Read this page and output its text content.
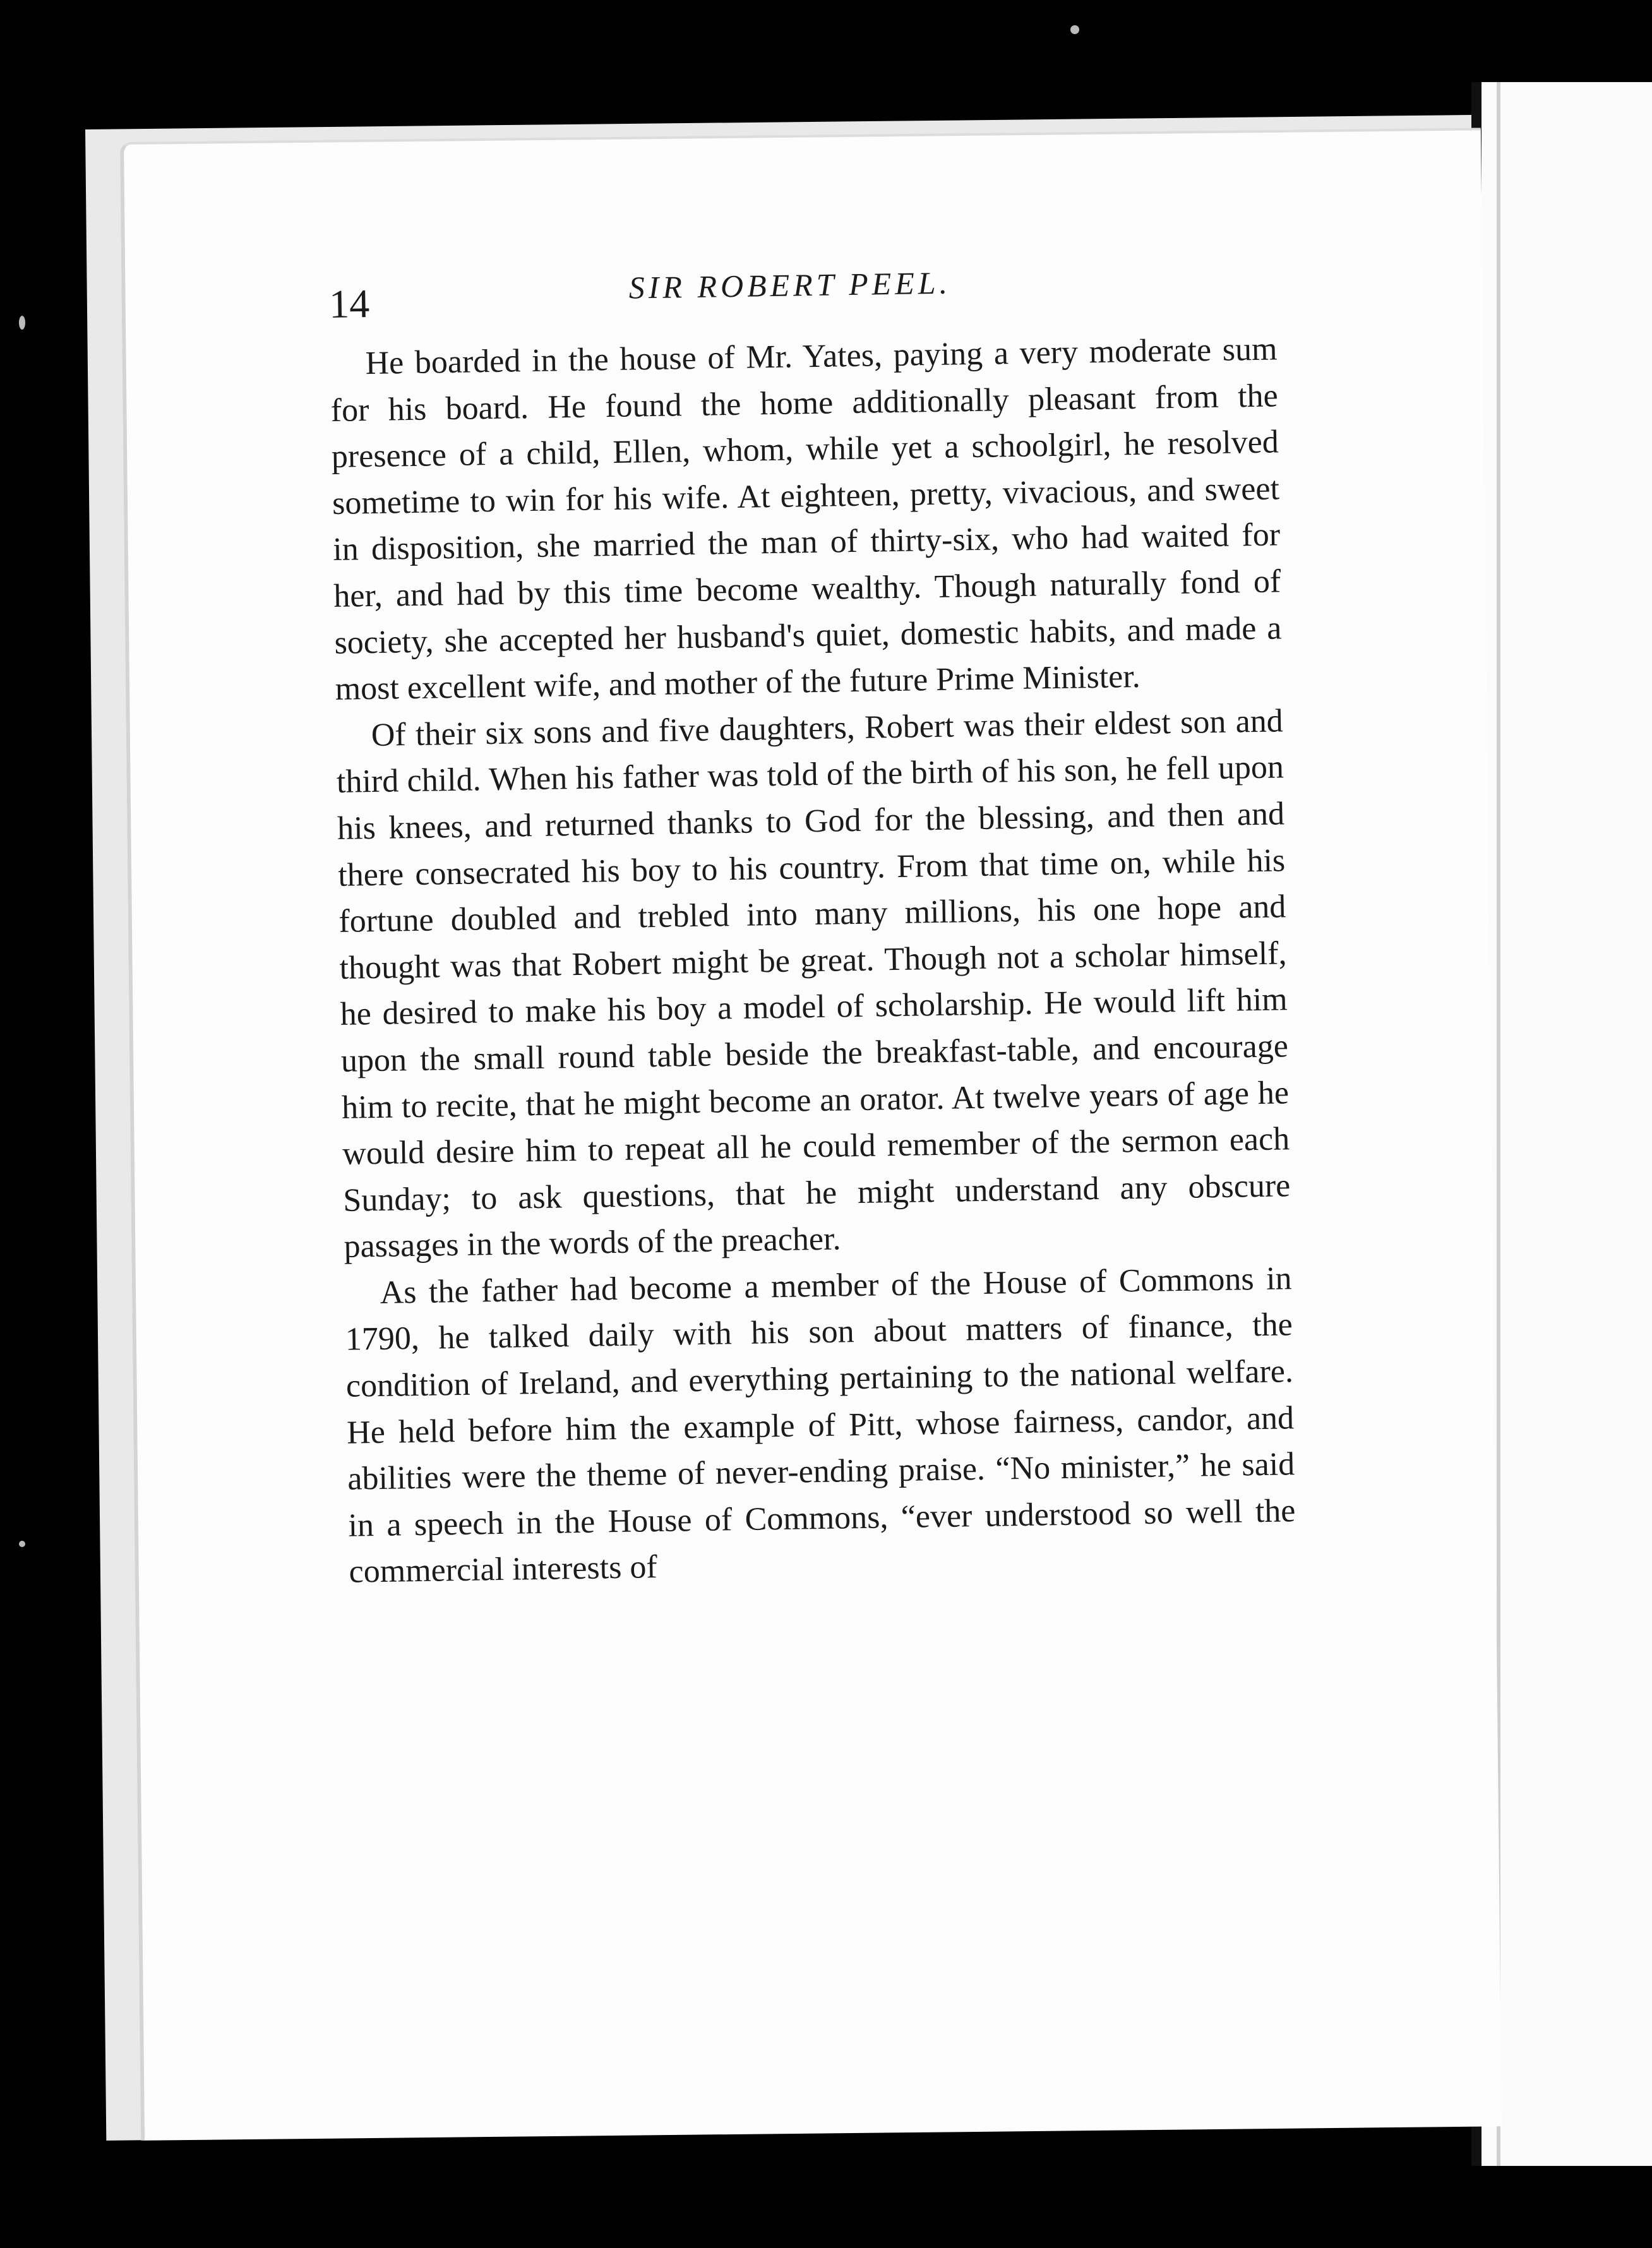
14	SIR ROBERT PEEL.

He boarded in the house of Mr. Yates, paying a very moderate sum for his board. He found the home additionally pleasant from the presence of a child, Ellen, whom, while yet a schoolgirl, he resolved sometime to win for his wife. At eighteen, pretty, vivacious, and sweet in disposition, she married the man of thirty-six, who had waited for her, and had by this time become wealthy. Though naturally fond of society, she accepted her husband's quiet, domestic habits, and made a most excellent wife, and mother of the future Prime Minister.

Of their six sons and five daughters, Robert was their eldest son and third child. When his father was told of the birth of his son, he fell upon his knees, and returned thanks to God for the blessing, and then and there consecrated his boy to his country. From that time on, while his fortune doubled and trebled into many millions, his one hope and thought was that Robert might be great. Though not a scholar himself, he desired to make his boy a model of scholarship. He would lift him upon the small round table beside the breakfast-table, and encourage him to recite, that he might become an orator. At twelve years of age he would desire him to repeat all he could remember of the sermon each Sunday; to ask questions, that he might understand any obscure passages in the words of the preacher.

As the father had become a member of the House of Commons in 1790, he talked daily with his son about matters of finance, the condition of Ireland, and everything pertaining to the national welfare. He held before him the example of Pitt, whose fairness, candor, and abilities were the theme of never-ending praise. “No minister,” he said in a speech in the House of Commons, “ever understood so well the commercial interests of
